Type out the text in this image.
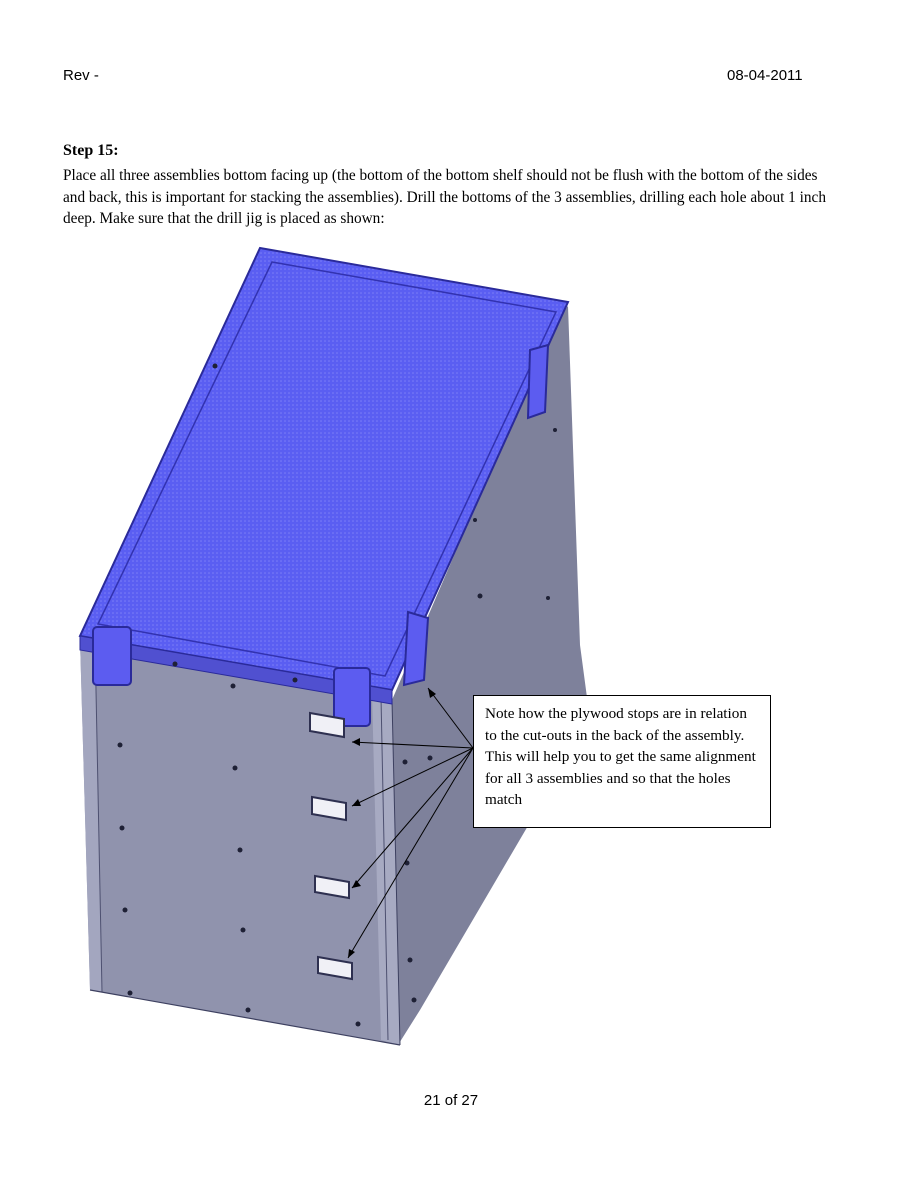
Rev -	08-04-2011
Step 15:
Place all three assemblies bottom facing up (the bottom of the bottom shelf should not be flush with the bottom of the sides and back, this is important for stacking the assemblies). Drill the bottoms of the 3 assemblies, drilling each hole about 1 inch deep. Make sure that the drill jig is placed as shown:
Note how the plywood stops are in relation to the cut-outs in the back of the assembly. This will help you to get the same alignment for all 3 assemblies and so that the holes match
21 of 27
